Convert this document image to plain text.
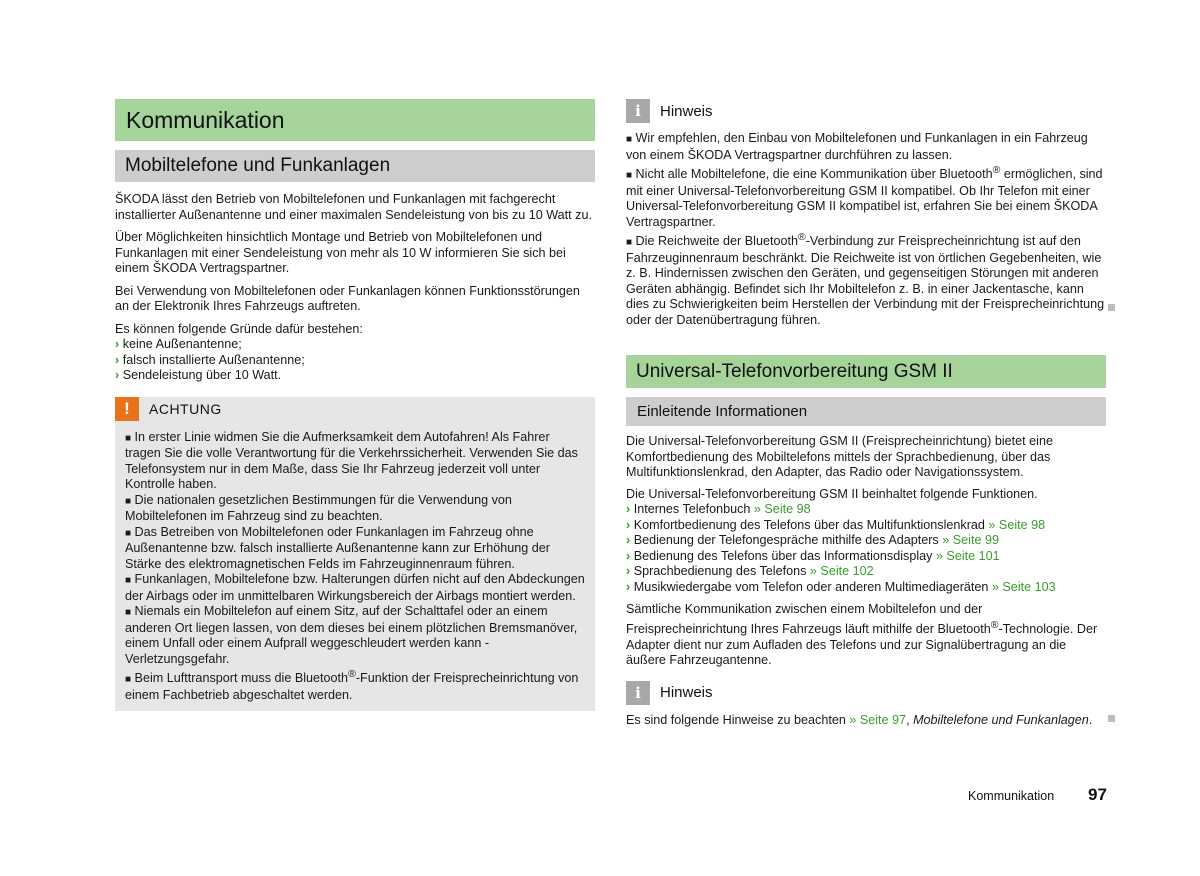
Kommunikation
Mobiltelefone und Funkanlagen

ŠKODA lässt den Betrieb von Mobiltelefonen und Funkanlagen mit fachgerecht installierter Außenantenne und einer maximalen Sendeleistung von bis zu 10 Watt zu.

Über Möglichkeiten hinsichtlich Montage und Betrieb von Mobiltelefonen und Funkanlagen mit einer Sendeleistung von mehr als 10 W informieren Sie sich bei einem ŠKODA Vertragspartner.

Bei Verwendung von Mobiltelefonen oder Funkanlagen können Funktionsstörungen an der Elektronik Ihres Fahrzeugs auftreten.

Es können folgende Gründe dafür bestehen:

› keine Außenantenne;

› falsch installierte Außenantenne;

› Sendeleistung über 10 Watt.

!	ACHTUNG

■ In erster Linie widmen Sie die Aufmerksamkeit dem Autofahren! Als Fahrer tragen Sie die volle Verantwortung für die Verkehrssicherheit. Verwenden Sie das Telefonsystem nur in dem Maße, dass Sie Ihr Fahrzeug jederzeit voll unter Kontrolle haben.

■ Die nationalen gesetzlichen Bestimmungen für die Verwendung von Mobiltelefonen im Fahrzeug sind zu beachten.

■ Das Betreiben von Mobiltelefonen oder Funkanlagen im Fahrzeug ohne Außenantenne bzw. falsch installierte Außenantenne kann zur Erhöhung der Stärke des elektromagnetischen Felds im Fahrzeuginnenraum führen.

■ Funkanlagen, Mobiltelefone bzw. Halterungen dürfen nicht auf den Abdeckungen der Airbags oder im unmittelbaren Wirkungsbereich der Airbags montiert werden.

■ Niemals ein Mobiltelefon auf einem Sitz, auf der Schalttafel oder an einem anderen Ort liegen lassen, von dem dieses bei einem plötzlichen Bremsmanöver, einem Unfall oder einem Aufprall weggeschleudert werden kann - Verletzungsgefahr.

■ Beim Lufttransport muss die Bluetooth®-Funktion der Freisprecheinrichtung von einem Fachbetrieb abgeschaltet werden.

i	Hinweis

■ Wir empfehlen, den Einbau von Mobiltelefonen und Funkanlagen in ein Fahrzeug von einem ŠKODA Vertragspartner durchführen zu lassen.

■ Nicht alle Mobiltelefone, die eine Kommunikation über Bluetooth® ermöglichen, sind mit einer Universal-Telefonvorbereitung GSM II kompatibel. Ob Ihr Telefon mit einer Universal-Telefonvorbereitung GSM II kompatibel ist, erfahren Sie bei einem ŠKODA Vertragspartner.

■ Die Reichweite der Bluetooth®-Verbindung zur Freisprecheinrichtung ist auf den Fahrzeuginnenraum beschränkt. Die Reichweite ist von örtlichen Gegebenheiten, wie z. B. Hindernissen zwischen den Geräten, und gegenseitigen Störungen mit anderen Geräten abhängig. Befindet sich Ihr Mobiltelefon z. B. in einer Jackentasche, kann dies zu Schwierigkeiten beim Herstellen der Verbindung mit der Freisprecheinrichtung oder der Datenübertragung führen.

Universal-Telefonvorbereitung GSM II
Einleitende Informationen

Die Universal-Telefonvorbereitung GSM II (Freisprecheinrichtung) bietet eine Komfortbedienung des Mobiltelefons mittels der Sprachbedienung, über das Multifunktionslenkrad, den Adapter, das Radio oder Navigationssystem.

Die Universal-Telefonvorbereitung GSM II beinhaltet folgende Funktionen.

› Internes Telefonbuch » Seite 98

› Komfortbedienung des Telefons über das Multifunktionslenkrad » Seite 98

› Bedienung der Telefongespräche mithilfe des Adapters » Seite 99

› Bedienung des Telefons über das Informationsdisplay » Seite 101

› Sprachbedienung des Telefons » Seite 102

› Musikwiedergabe vom Telefon oder anderen Multimediageräten » Seite 103

Sämtliche Kommunikation zwischen einem Mobiltelefon und der Freisprecheinrichtung Ihres Fahrzeugs läuft mithilfe der Bluetooth®-Technologie. Der Adapter dient nur zum Aufladen des Telefons und zur Signalübertragung an die äußere Fahrzeugantenne.

i	Hinweis

Es sind folgende Hinweise zu beachten » Seite 97, Mobiltelefone und Funkanlagen.

Kommunikation 97
